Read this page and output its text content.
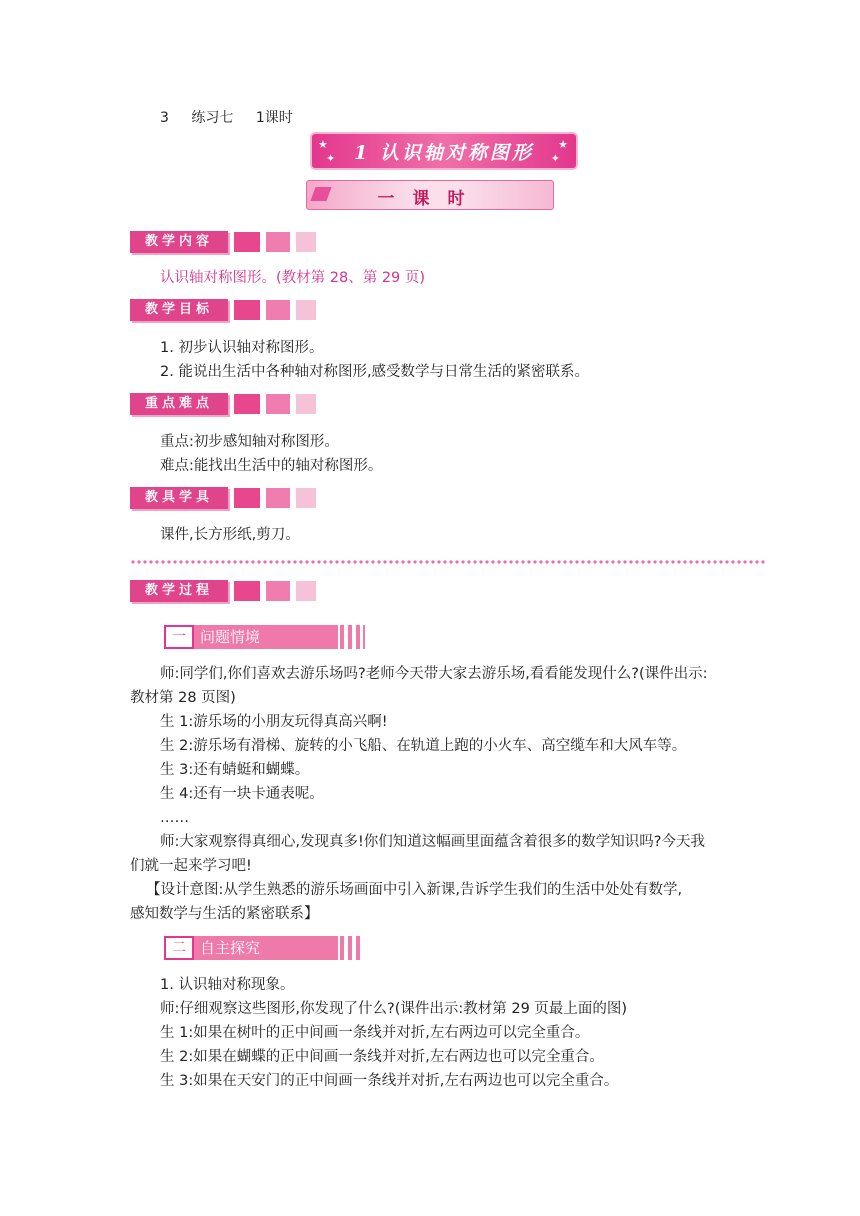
3 练习七 1课时
★
✦
★
✦
1 认识轴对称图形
一课时
教学内容
认识轴对称图形。(教材第 28、第 29 页)
教学目标
1. 初步认识轴对称图形。
2. 能说出生活中各种轴对称图形,感受数学与日常生活的紧密联系。
重点难点
重点:初步感知轴对称图形。
难点:能找出生活中的轴对称图形。
教具学具
课件,长方形纸,剪刀。
教学过程
一 问题情境
师:同学们,你们喜欢去游乐场吗?老师今天带大家去游乐场,看看能发现什么?(课件出示:
教材第 28 页图)
生 1:游乐场的小朋友玩得真高兴啊!
生 2:游乐场有滑梯、旋转的小飞船、在轨道上跑的小火车、高空缆车和大风车等。
生 3:还有蜻蜓和蝴蝶。
生 4:还有一块卡通表呢。
……
师:大家观察得真细心,发现真多!你们知道这幅画里面蕴含着很多的数学知识吗?今天我
们就一起来学习吧!
【设计意图:从学生熟悉的游乐场画面中引入新课,告诉学生我们的生活中处处有数学,
感知数学与生活的紧密联系】
二 自主探究
1. 认识轴对称现象。
师:仔细观察这些图形,你发现了什么?(课件出示:教材第 29 页最上面的图)
生 1:如果在树叶的正中间画一条线并对折,左右两边可以完全重合。
生 2:如果在蝴蝶的正中间画一条线并对折,左右两边也可以完全重合。
生 3:如果在天安门的正中间画一条线并对折,左右两边也可以完全重合。
